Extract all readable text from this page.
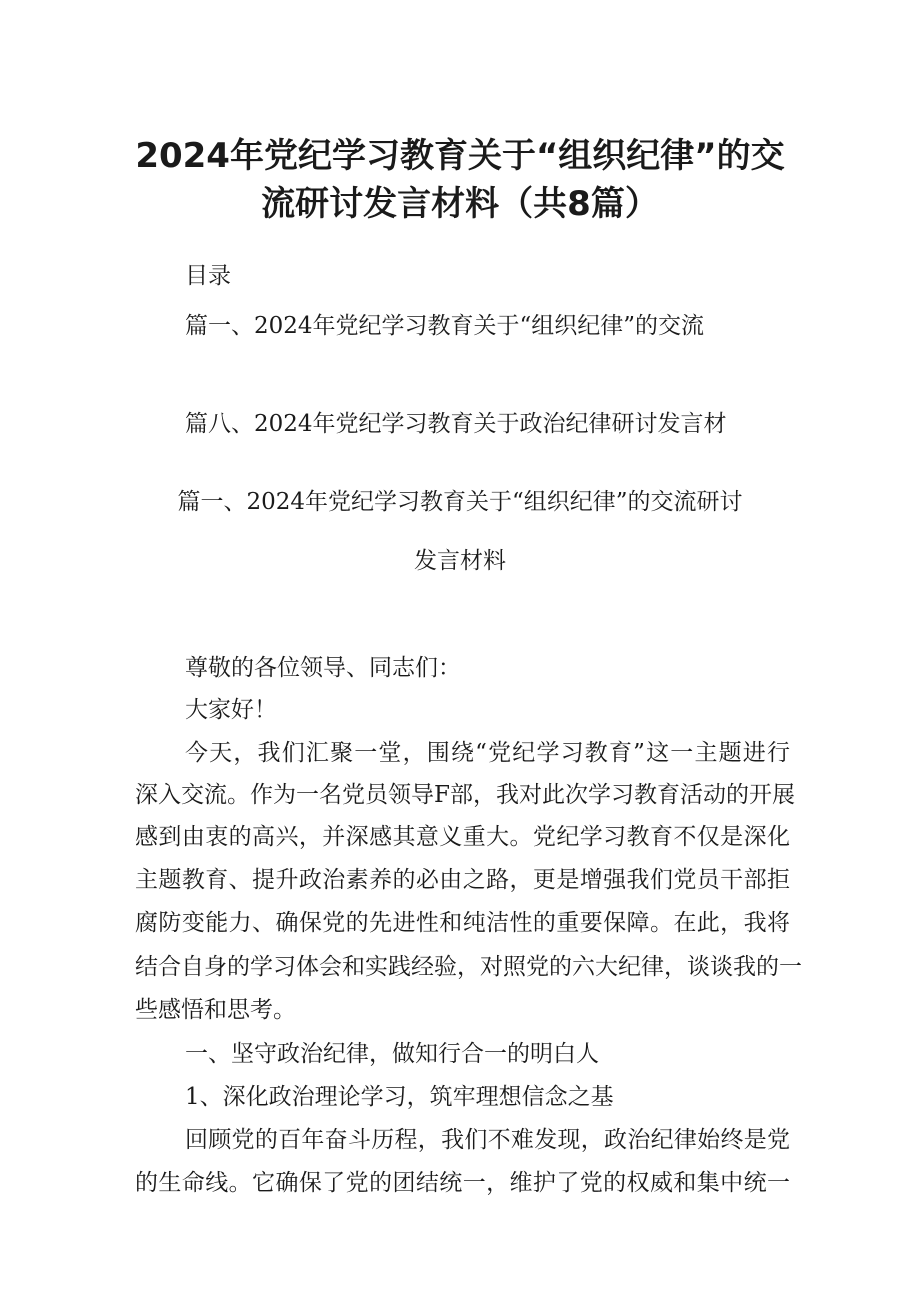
2024年党纪学习教育关于“组织纪律”的交
流研讨发言材料（共8篇）
目录
篇一、2024年党纪学习教育关于“组织纪律”的交流
篇八、2024年党纪学习教育关于政治纪律研讨发言材
篇一、2024年党纪学习教育关于“组织纪律”的交流研讨
发言材料
尊敬的各位领导、同志们：
大家好！
今天，我们汇聚一堂，围绕“党纪学习教育”这一主题进行
深入交流。作为一名党员领导F部，我对此次学习教育活动的开展
感到由衷的高兴，并深感其意义重大。党纪学习教育不仅是深化
主题教育、提升政治素养的必由之路，更是增强我们党员干部拒
腐防变能力、确保党的先进性和纯洁性的重要保障。在此，我将
结合自身的学习体会和实践经验，对照党的六大纪律，谈谈我的一
些感悟和思考。
一、坚守政治纪律，做知行合一的明白人
1、深化政治理论学习，筑牢理想信念之基
回顾党的百年奋斗历程，我们不难发现，政治纪律始终是党
的生命线。它确保了党的团结统一，维护了党的权威和集中统一
